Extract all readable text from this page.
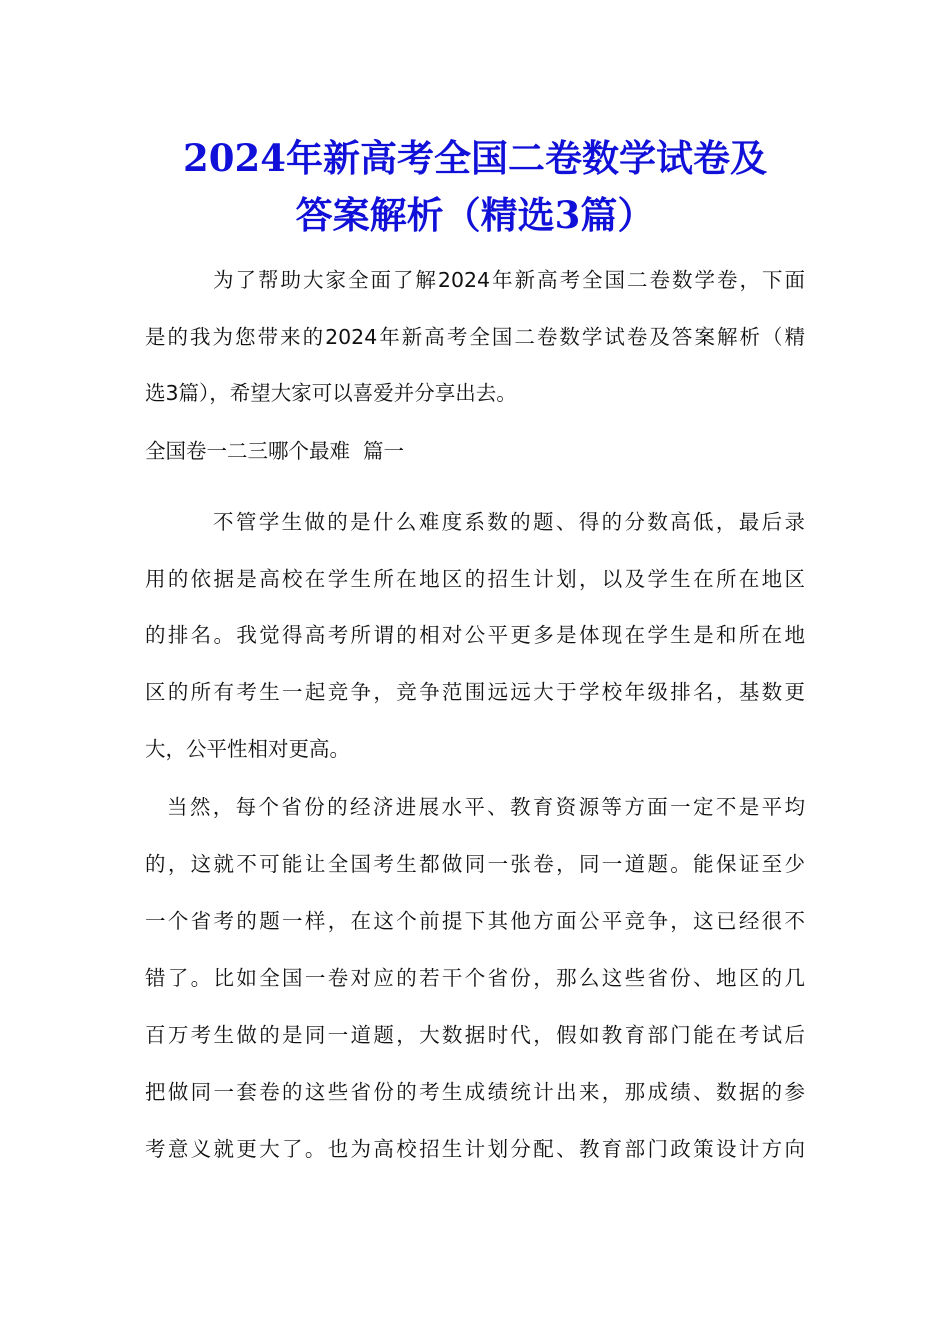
2024年新高考全国二卷数学试卷及
答案解析（精选3篇）
为了帮助大家全面了解2024年新高考全国二卷数学卷，下面
是的我为您带来的2024年新高考全国二卷数学试卷及答案解析（精
选3篇），希望大家可以喜爱并分享出去。
全国卷一二三哪个最难  篇一
不管学生做的是什么难度系数的题、得的分数高低，最后录
用的依据是高校在学生所在地区的招生计划，以及学生在所在地区
的排名。我觉得高考所谓的相对公平更多是体现在学生是和所在地
区的所有考生一起竞争，竞争范围远远大于学校年级排名，基数更
大，公平性相对更高。
当然，每个省份的经济进展水平、教育资源等方面一定不是平均
的，这就不可能让全国考生都做同一张卷，同一道题。能保证至少
一个省考的题一样，在这个前提下其他方面公平竞争，这已经很不
错了。比如全国一卷对应的若干个省份，那么这些省份、地区的几
百万考生做的是同一道题，大数据时代，假如教育部门能在考试后
把做同一套卷的这些省份的考生成绩统计出来，那成绩、数据的参
考意义就更大了。也为高校招生计划分配、教育部门政策设计方向
